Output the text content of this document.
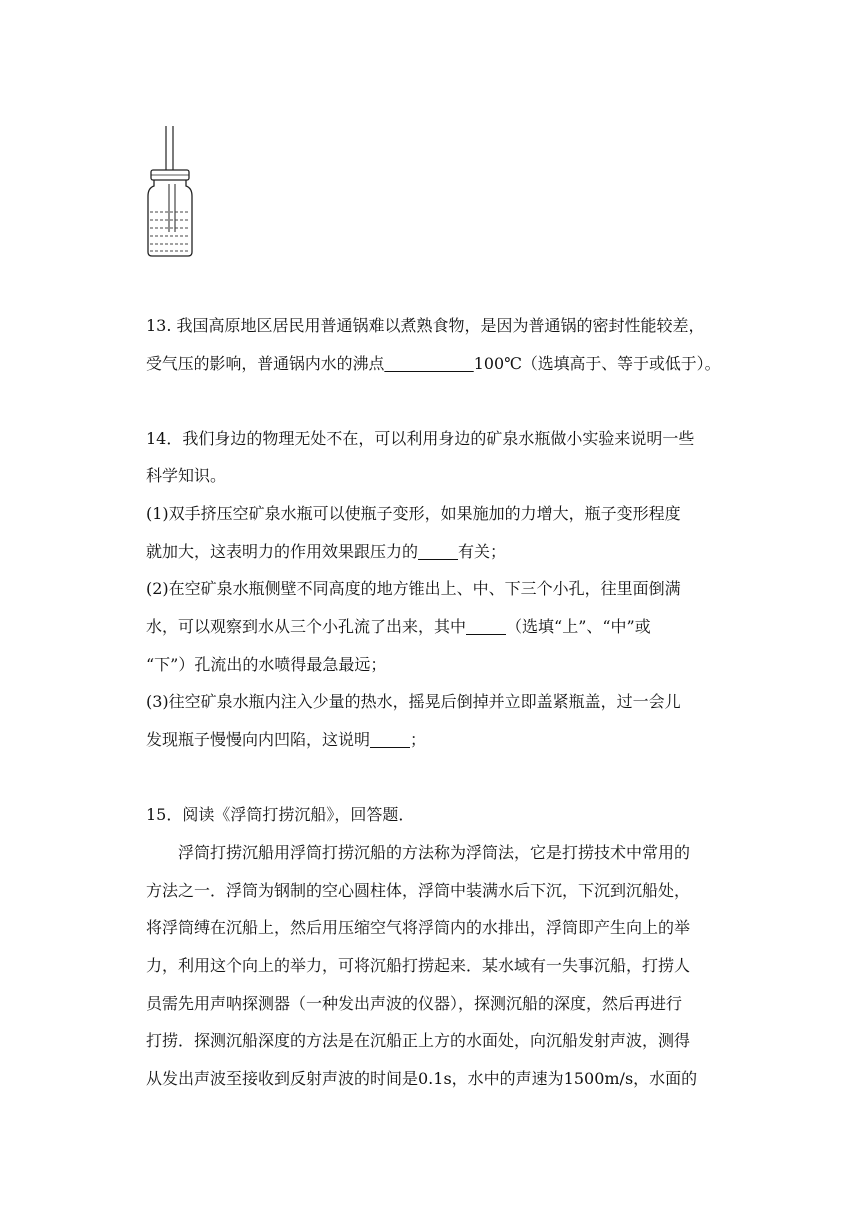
13. 我国高原地区居民用普通锅难以煮熟食物，是因为普通锅的密封性能较差，
受气压的影响，普通锅内水的沸点	100℃（选填高于、等于或低于）。
14．我们身边的物理无处不在，可以利用身边的矿泉水瓶做小实验来说明一些
科学知识。
(1)双手挤压空矿泉水瓶可以使瓶子变形，如果施加的力增大，瓶子变形程度
就加大，这表明力的作用效果跟压力的	有关；
(2)在空矿泉水瓶侧壁不同高度的地方锥出上、中、下三个小孔，往里面倒满
水，可以观察到水从三个小孔流了出来，其中	（选填“上”、“中”或
“下”）孔流出的水喷得最急最远；
(3)往空矿泉水瓶内注入少量的热水，摇晃后倒掉并立即盖紧瓶盖，过一会儿
发现瓶子慢慢向内凹陷，这说明	；
15．阅读《浮筒打捞沉船》，回答题．
浮筒打捞沉船用浮筒打捞沉船的方法称为浮筒法，它是打捞技术中常用的
方法之一．浮筒为钢制的空心圆柱体，浮筒中装满水后下沉，下沉到沉船处，
将浮筒缚在沉船上，然后用压缩空气将浮筒内的水排出，浮筒即产生向上的举
力，利用这个向上的举力，可将沉船打捞起来．某水域有一失事沉船，打捞人
员需先用声呐探测器（一种发出声波的仪器），探测沉船的深度，然后再进行
打捞．探测沉船深度的方法是在沉船正上方的水面处，向沉船发射声波，测得
从发出声波至接收到反射声波的时间是0.1s，水中的声速为1500m/s，水面的
